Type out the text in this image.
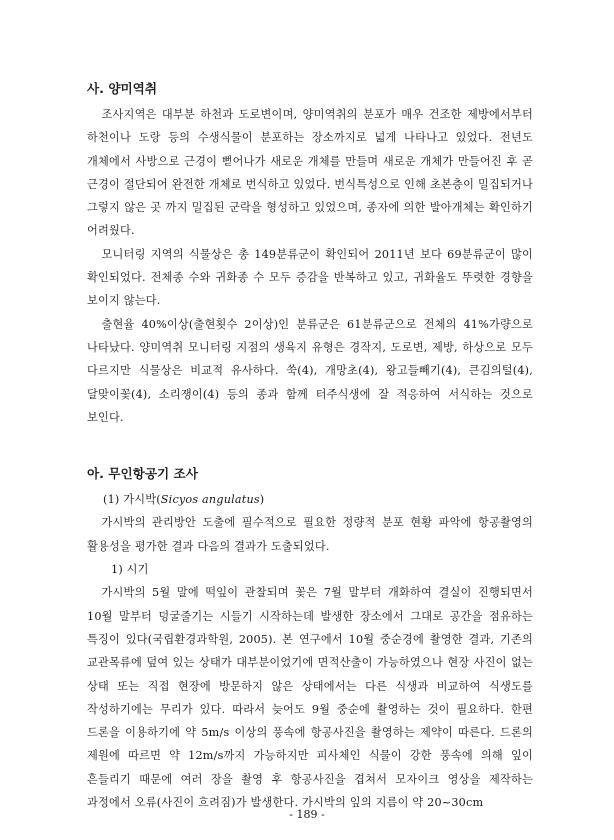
사. 양미역취

조사지역은 대부분 하천과 도로변이며, 양미역취의 분포가 매우 건조한 제방에서부터 하천이나 도랑 등의 수생식물이 분포하는 장소까지로 넓게 나타나고 있었다. 전년도 개체에서 사방으로 근경이 뻗어나가 새로운 개체를 만들며 새로운 개체가 만들어진 후 곧 근경이 절단되어 완전한 개체로 번식하고 있었다. 번식특성으로 인해 초본층이 밀집되거나 그렇지 않은 곳 까지 밀집된 군락을 형성하고 있었으며, 종자에 의한 발아개체는 확인하기 어려웠다.

모니터링 지역의 식물상은 총 149분류군이 확인되어 2011년 보다 69분류군이 많이 확인되었다. 전체종 수와 귀화종 수 모두 증감을 반복하고 있고, 귀화율도 뚜렷한 경향을 보이지 않는다.

출현율 40%이상(출현횟수 2이상)인 분류군은 61분류군으로 전체의 41%가량으로 나타났다. 양미역취 모니터링 지점의 생육지 유형은 경작지, 도로변, 제방, 하상으로 모두 다르지만 식물상은 비교적 유사하다. 쑥(4), 개망초(4), 왕고들빼기(4), 큰김의털(4), 달맞이꽃(4), 소리쟁이(4) 등의 종과 함께 터주식생에 잘 적응하여 서식하는 것으로 보인다.

아. 무인항공기 조사

(1) 가시박(Sicyos angulatus)

가시박의 관리방안 도출에 필수적으로 필요한 정량적 분포 현황 파악에 항공촬영의 활용성을 평가한 결과 다음의 결과가 도출되었다.

1) 시기

가시박의 5월 말에 떡잎이 관찰되며 꽃은 7월 말부터 개화하여 결실이 진행되면서 10월 말부터 덩굴줄기는 시들기 시작하는데 발생한 장소에서 그대로 공간을 점유하는 특징이 있다(국립환경과학원, 2005). 본 연구에서 10월 중순경에 촬영한 결과, 기존의 교관목류에 덮여 있는 상태가 대부분이었기에 면적산출이 가능하였으나 현장 사진이 없는 상태 또는 직접 현장에 방문하지 않은 상태에서는 다른 식생과 비교하여 식생도를 작성하기에는 무리가 있다. 따라서 늦어도 9월 중순에 촬영하는 것이 필요하다. 한편 드론을 이용하기에 약 5m/s 이상의 풍속에 항공사진을 촬영하는 제약이 따른다. 드론의 제원에 따르면 약 12m/s까지 가능하지만 피사체인 식물이 강한 풍속에 의해 잎이 흔들리기 때문에 여러 장을 촬영 후 항공사진을 겹쳐서 모자이크 영상을 제작하는 과정에서 오류(사진이 흐려짐)가 발생한다. 가시박의 잎의 지름이 약 20~30cm

- 189 -
